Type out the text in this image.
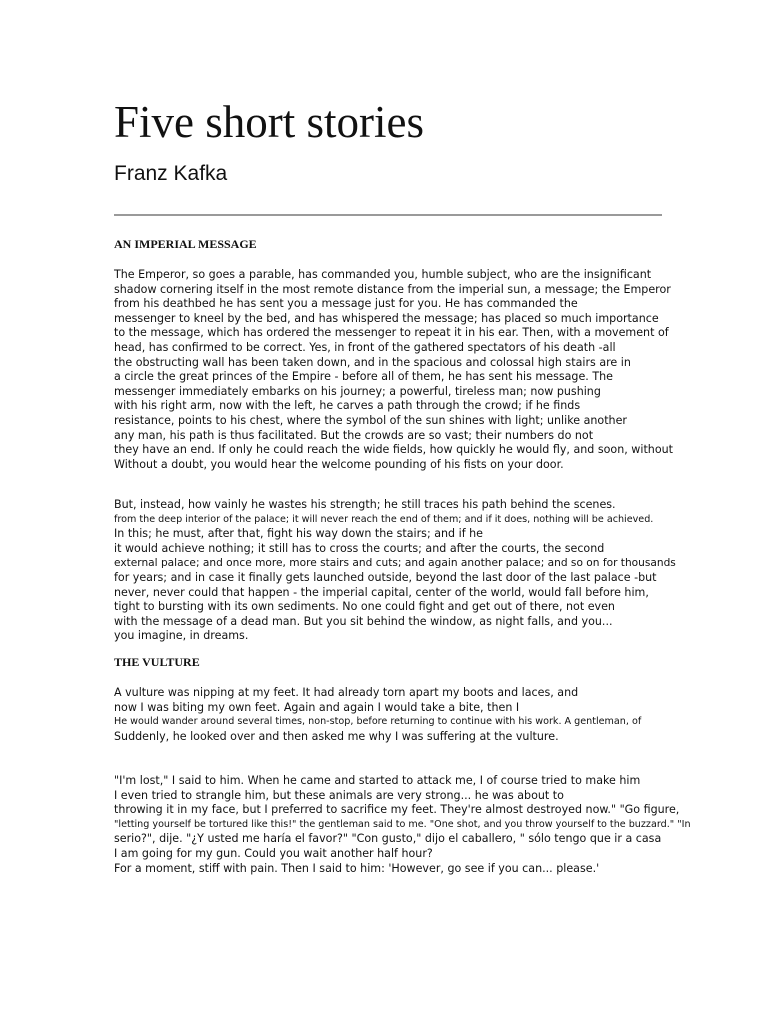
Five short stories
Franz Kafka
AN IMPERIAL MESSAGE
The Emperor, so goes a parable, has commanded you, humble subject, who are the insignificant
shadow cornering itself in the most remote distance from the imperial sun, a message; the Emperor
from his deathbed he has sent you a message just for you. He has commanded the
messenger to kneel by the bed, and has whispered the message; has placed so much importance
to the message, which has ordered the messenger to repeat it in his ear. Then, with a movement of
head, has confirmed to be correct. Yes, in front of the gathered spectators of his death -all
the obstructing wall has been taken down, and in the spacious and colossal high stairs are in
a circle the great princes of the Empire - before all of them, he has sent his message. The
messenger immediately embarks on his journey; a powerful, tireless man; now pushing
with his right arm, now with the left, he carves a path through the crowd; if he finds
resistance, points to his chest, where the symbol of the sun shines with light; unlike another
any man, his path is thus facilitated. But the crowds are so vast; their numbers do not
they have an end. If only he could reach the wide fields, how quickly he would fly, and soon, without
Without a doubt, you would hear the welcome pounding of his fists on your door.
But, instead, how vainly he wastes his strength; he still traces his path behind the scenes.
from the deep interior of the palace; it will never reach the end of them; and if it does, nothing will be achieved.
In this; he must, after that, fight his way down the stairs; and if he
it would achieve nothing; it still has to cross the courts; and after the courts, the second
external palace; and once more, more stairs and cuts; and again another palace; and so on for thousands
for years; and in case it finally gets launched outside, beyond the last door of the last palace -but
never, never could that happen - the imperial capital, center of the world, would fall before him,
tight to bursting with its own sediments. No one could fight and get out of there, not even
with the message of a dead man. But you sit behind the window, as night falls, and you...
you imagine, in dreams.
THE VULTURE
A vulture was nipping at my feet. It had already torn apart my boots and laces, and
now I was biting my own feet. Again and again I would take a bite, then I
He would wander around several times, non-stop, before returning to continue with his work. A gentleman, of
Suddenly, he looked over and then asked me why I was suffering at the vulture.
"I'm lost," I said to him. When he came and started to attack me, I of course tried to make him
I even tried to strangle him, but these animals are very strong... he was about to
throwing it in my face, but I preferred to sacrifice my feet. They're almost destroyed now." "Go figure,
"letting yourself be tortured like this!" the gentleman said to me. "One shot, and you throw yourself to the buzzard." "In
serio?", dije. "¿Y usted me haría el favor?" "Con gusto," dijo el caballero, " sólo tengo que ir a casa
I am going for my gun. Could you wait another half hour?
For a moment, stiff with pain. Then I said to him: 'However, go see if you can... please.'
